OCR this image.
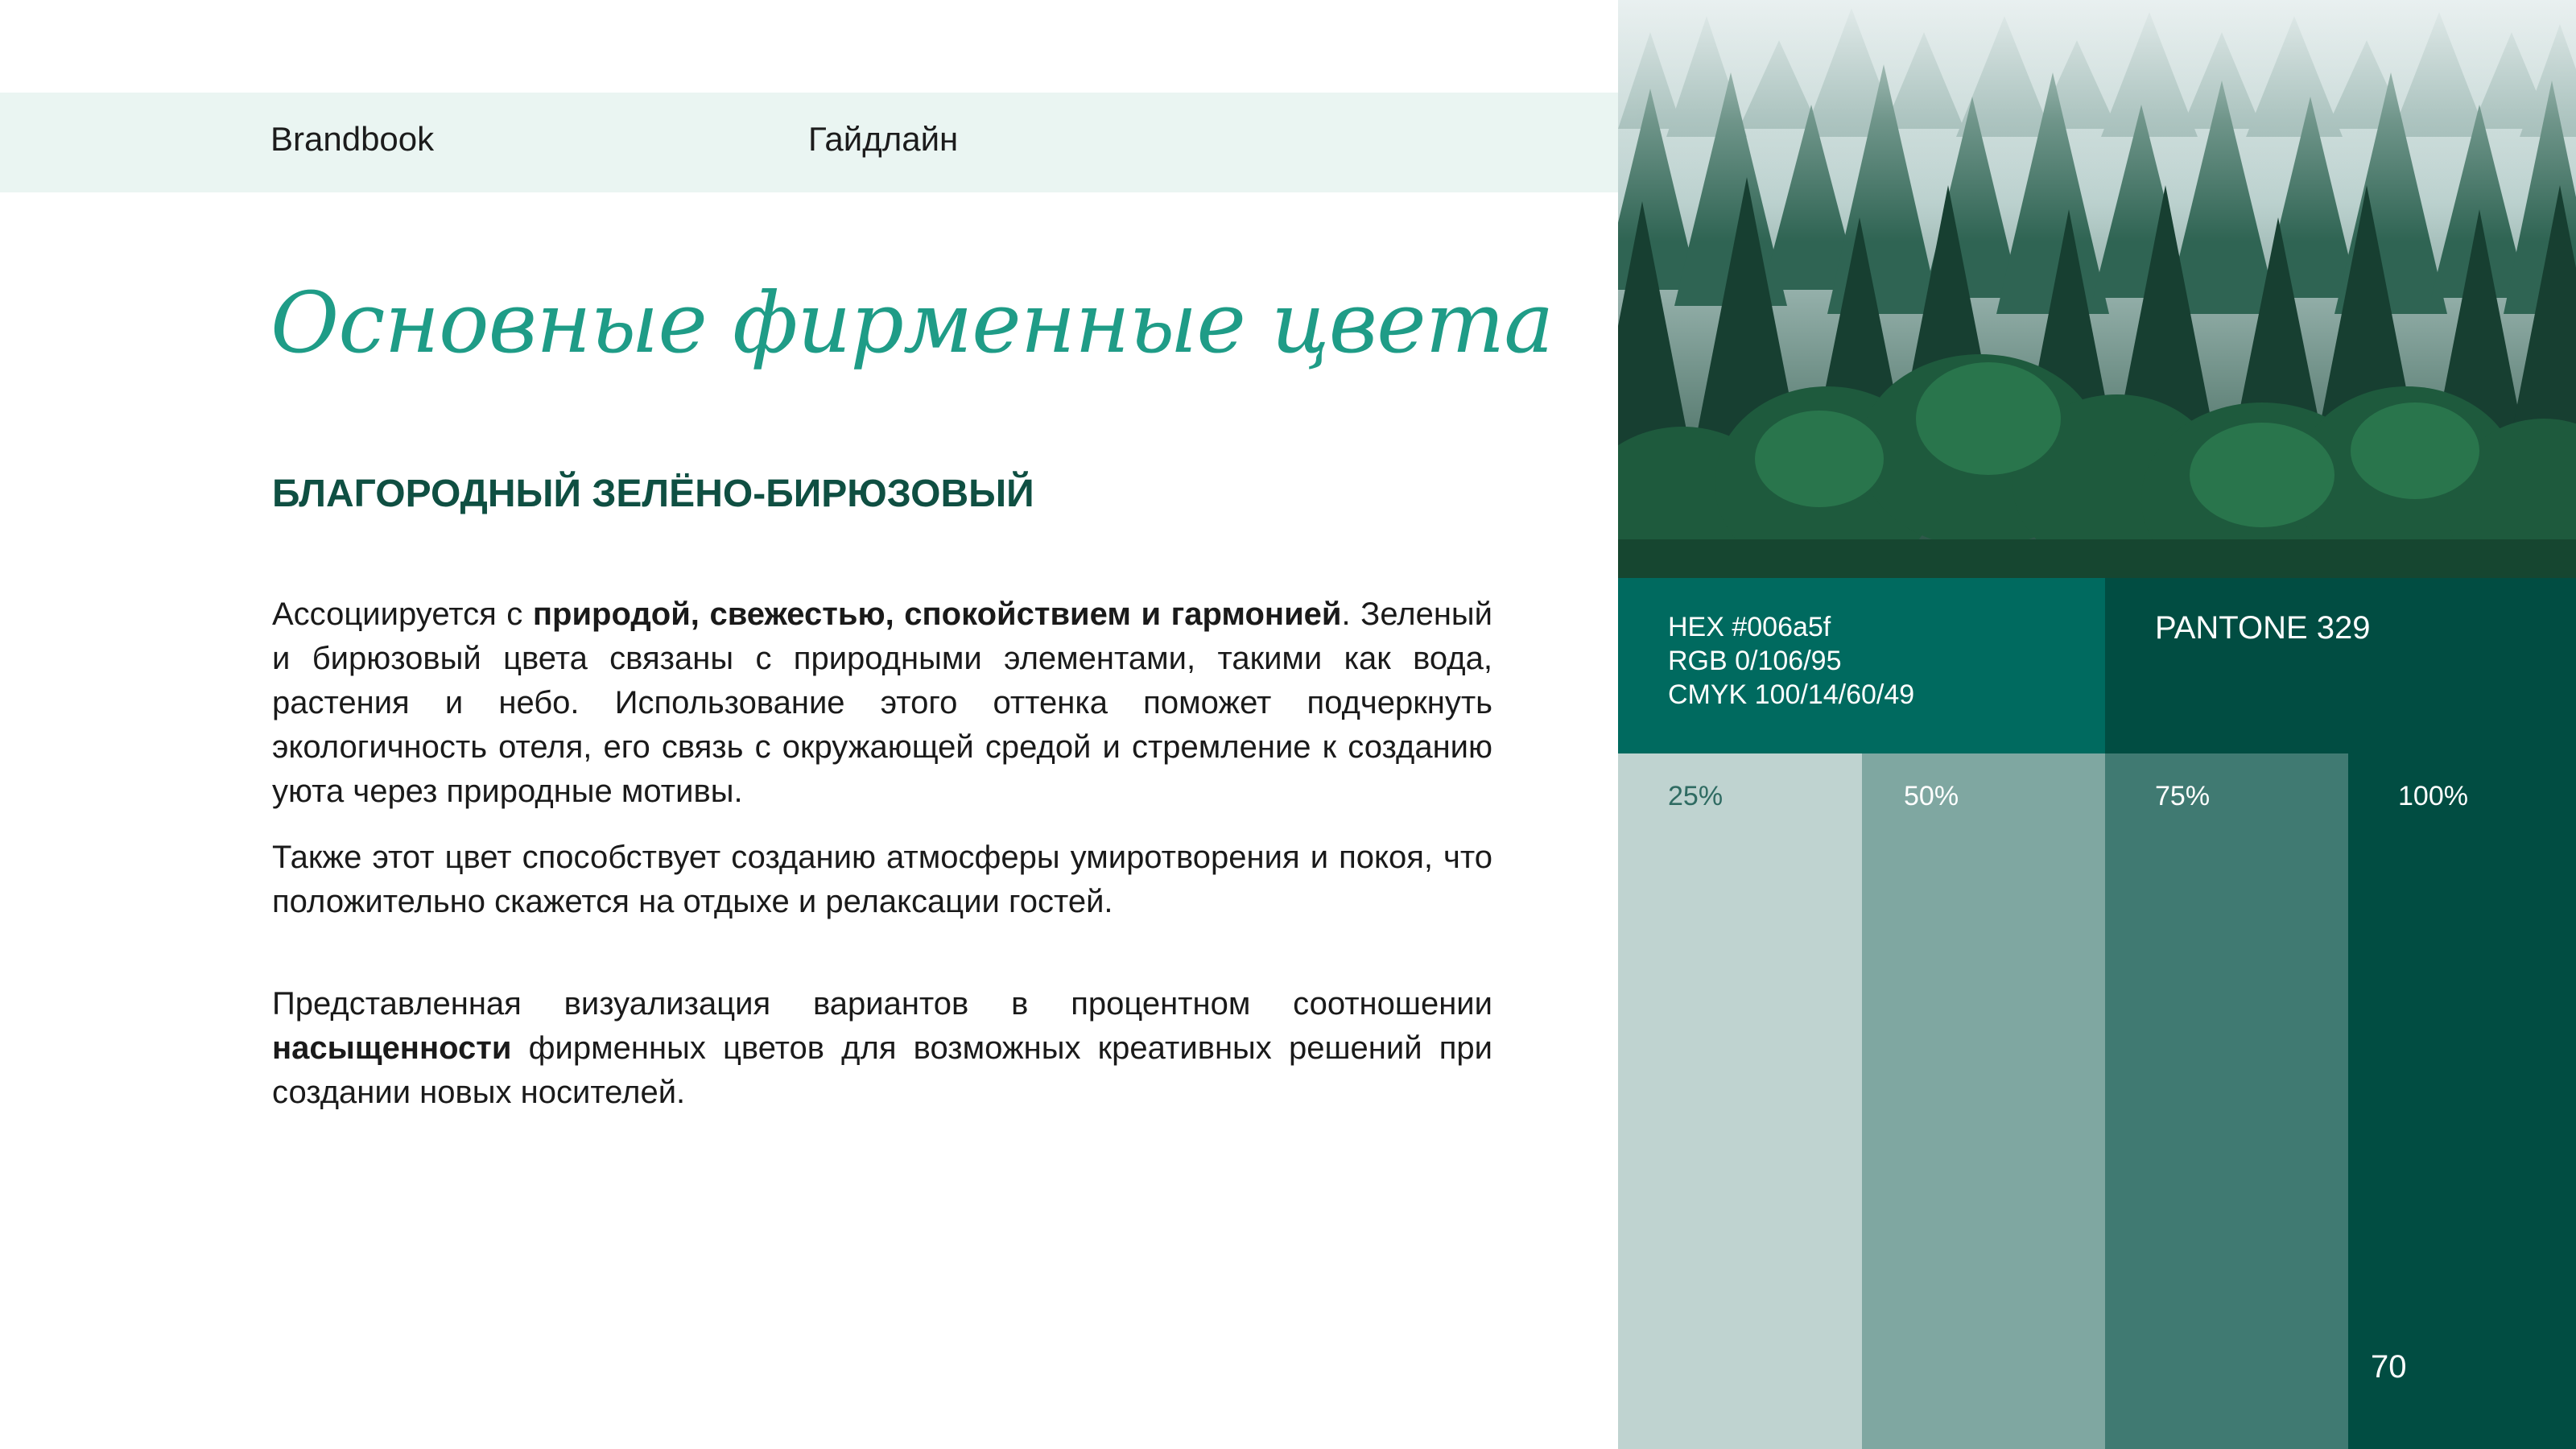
Brandbook	Гайдлайн
Основные фирменные цвета
БЛАГОРОДНЫЙ ЗЕЛЁНО-БИРЮЗОВЫЙ

Ассоциируется с природой, свежестью, спокойствием и гармонией. Зеленый и бирюзовый цвета связаны с природными элементами, такими как вода, растения и небо. Использование этого оттенка поможет подчеркнуть экологичность отеля, его связь с окружающей средой и стремление к созданию уюта через природные мотивы.

Также этот цвет способствует созданию атмосферы умиротворения и покоя, что положительно скажется на отдыхе и релаксации гостей.

Представленная визуализация вариантов в процентном соотношении насыщенности фирменных цветов для возможных креативных решений при создании новых носителей.

HEX #006a5f
RGB 0/106/95
CMYK 100/14/60/49
PANTONE 329
25%	50%	75%	100%
70
